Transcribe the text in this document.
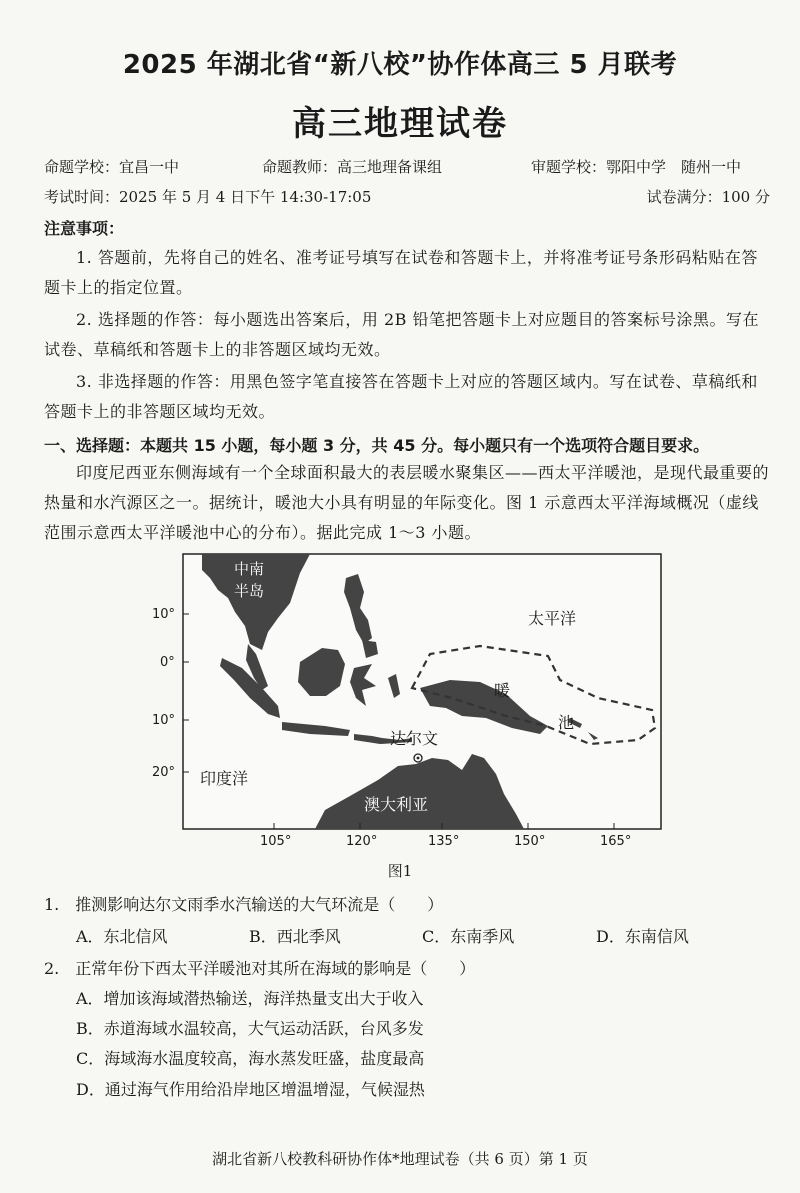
2025 年湖北省“新八校”协作体高三 5 月联考
高三地理试卷
命题学校：宜昌一中	命题教师：高三地理备课组	审题学校：鄂阳中学　随州一中
考试时间：2025 年 5 月 4 日下午 14:30-17:05	试卷满分：100 分
注意事项：
1. 答题前，先将自己的姓名、准考证号填写在试卷和答题卡上，并将准考证号条形码粘贴在答题卡上的指定位置。
2. 选择题的作答：每小题选出答案后，用 2B 铅笔把答题卡上对应题目的答案标号涂黑。写在试卷、草稿纸和答题卡上的非答题区域均无效。
3. 非选择题的作答：用黑色签字笔直接答在答题卡上对应的答题区域内。写在试卷、草稿纸和答题卡上的非答题区域均无效。
一、选择题：本题共 15 小题，每小题 3 分，共 45 分。每小题只有一个选项符合题目要求。
印度尼西亚东侧海域有一个全球面积最大的表层暖水聚集区——西太平洋暖池，是现代最重要的热量和水汽源区之一。据统计，暖池大小具有明显的年际变化。图 1 示意西太平洋海域概况（虚线范围示意西太平洋暖池中心的分布）。据此完成 1～3 小题。
中南
半岛
太平洋
暖
池
达尔文
印度洋
澳大利亚
10°
0°
10°
20°
105°	120°	135°	150°	165°
图1
1.　推测影响达尔文雨季水汽输送的大气环流是（　　）
A．东北信风	B．西北季风	C．东南季风	D．东南信风
2.　正常年份下西太平洋暖池对其所在海域的影响是（　　）
A．增加该海域潜热输送，海洋热量支出大于收入
B．赤道海域水温较高，大气运动活跃，台风多发
C．海域海水温度较高，海水蒸发旺盛，盐度最高
D．通过海气作用给沿岸地区增温增湿，气候湿热
湖北省新八校教科研协作体*地理试卷（共 6 页）第 1 页
